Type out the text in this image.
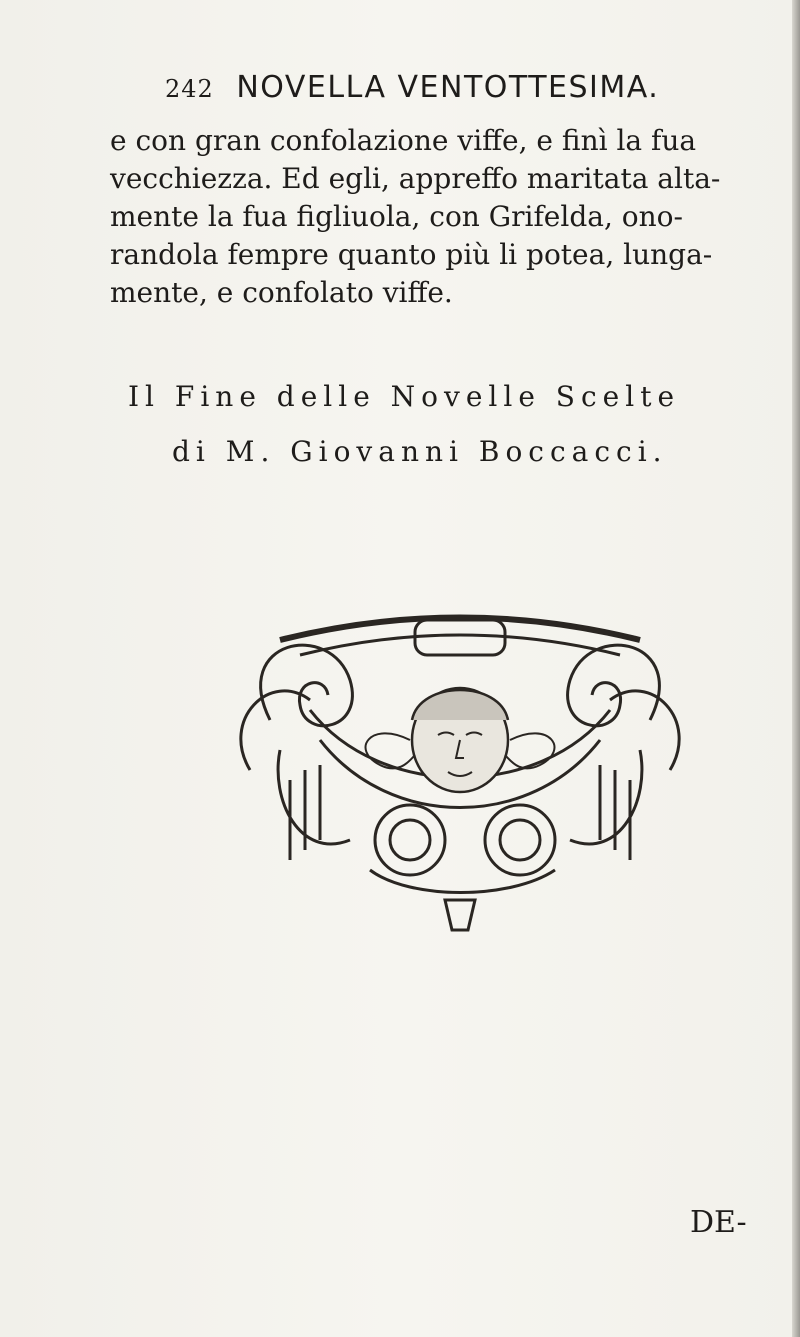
242 NOVELLA VENTOTTESIMA.
e con gran confolazione viffe, e finì la fua
vecchiezza. Ed egli, appreffo maritata alta-
mente la fua figliuola, con Grifelda, ono-
randola fempre quanto più li potea, lunga-
mente, e confolato viffe.
Il Fine delle Novelle Scelte
di M. Giovanni Boccacci.
DE-
